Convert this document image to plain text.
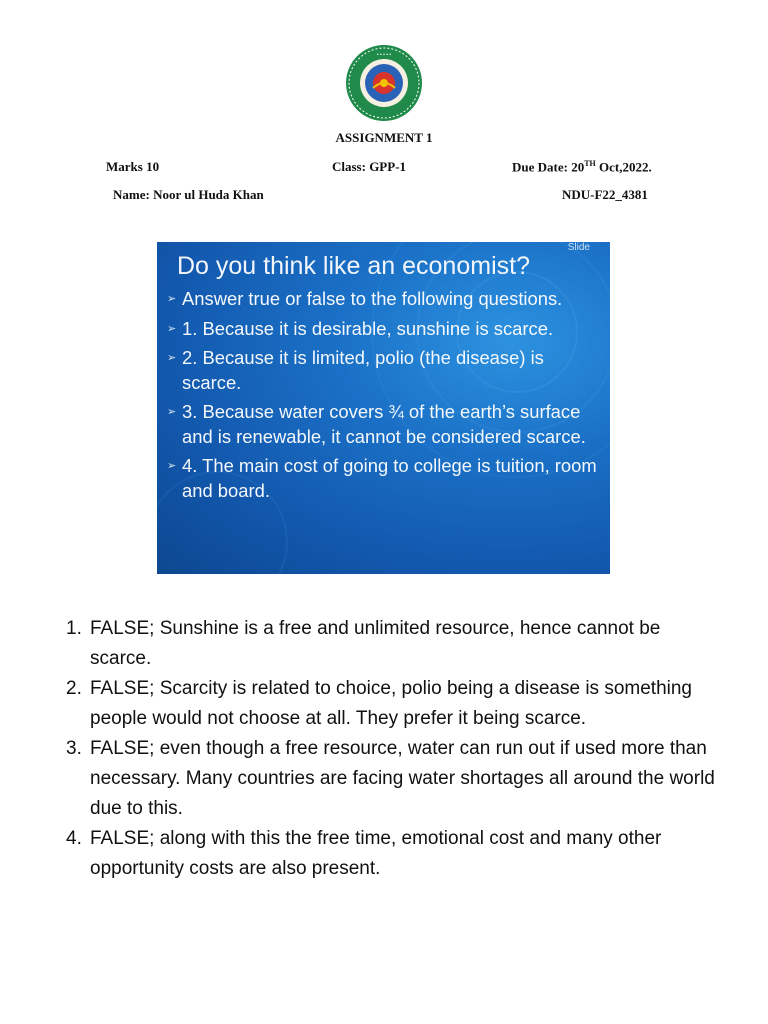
• • • • •
ASSIGNMENT 1
Marks 10	Class: GPP-1	Due Date: 20TH Oct,2022.
Name: Noor ul Huda Khan	NDU-F22_4381
Slide
Do you think like an economist?
➢ Answer true or false to the following questions.
➢ 1. Because it is desirable, sunshine is scarce.
➢ 2. Because it is limited, polio (the disease) is scarce.
➢ 3. Because water covers ¾ of the earth’s surface and is renewable, it cannot be considered scarce.
➢ 4. The main cost of going to college is tuition, room and board.
1. FALSE; Sunshine is a free and unlimited resource, hence cannot be scarce.
2. FALSE; Scarcity is related to choice, polio being a disease is something people would not choose at all. They prefer it being scarce.
3. FALSE; even though a free resource, water can run out if used more than necessary. Many countries are facing water shortages all around the world due to this.
4. FALSE; along with this the free time, emotional cost and many other opportunity costs are also present.
